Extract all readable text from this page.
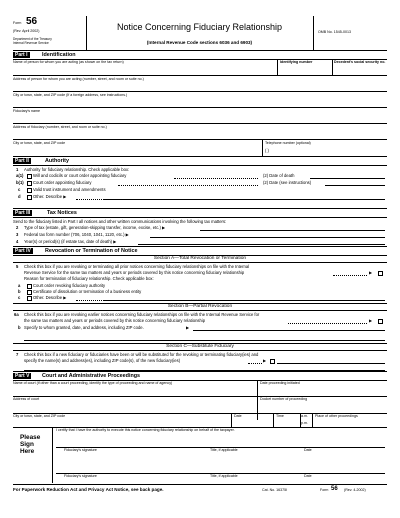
Form 56
(Rev. April 2002)
Department of the Treasury
Internal Revenue Service
Notice Concerning Fiduciary Relationship
(Internal Revenue Code sections 6036 and 6903)
OMB No. 1545-0013
Part I	Identification
Name of person for whom you are acting (as shown on the tax return)	Identifying number	Decedent's social security no.
Address of person for whom you are acting (number, street, and room or suite no.)
City or town, state, and ZIP code (If a foreign address, see instructions.)
Fiduciary's name
Address of fiduciary (number, street, and room or suite no.)
City or town, state, and ZIP code	Telephone number (optional)
( )
Part II	Authority
1 Authority for fiduciary relationship. Check applicable box:
a(1) Will and codicils or court order appointing fiduciary	(2) Date of death
b(1) Court order appointing fiduciary	(2) Date (see instructions)
c	Valid trust instrument and amendments
d	Other. Describe ▶
Part III	Tax Notices
Send to the fiduciary listed in Part I all notices and other written communications involving the following tax matters:
2 Type of tax (estate, gift, generation-skipping transfer, income, excise, etc.) ▶
3 Federal tax form number (706, 1040, 1041, 1120, etc.) ▶
4 Year(s) or period(s) (if estate tax, date of death) ▶
Part IV	Revocation or Termination of Notice
Section A—Total Revocation or Termination
5 Check this box if you are revoking or terminating all prior notices concerning fiduciary relationships on file with the Internal
Revenue Service for the same tax matters and years or periods covered by this notice concerning fiduciary relationship	▶
Reason for termination of fiduciary relationship. Check applicable box:
a	Court order revoking fiduciary authority
b	Certificate of dissolution or termination of a business entity
c	Other. Describe ▶
Section B—Partial Revocation
6a Check this box if you are revoking earlier notices concerning fiduciary relationships on file with the Internal Revenue Service for
the same tax matters and years or periods covered by this notice concerning fiduciary relationship	▶
b Specify to whom granted, date, and address, including ZIP code.	▶
Section C—Substitute Fiduciary
7 Check this box if a new fiduciary or fiduciaries have been or will be substituted for the revoking or terminating fiduciary(ies) and
specify the name(s) and address(es), including ZIP code(s), of the new fiduciary(ies)	▶
Part V	Court and Administrative Proceedings
Name of court (if other than a court proceeding, identify the type of proceeding and name of agency)	Date proceeding initiated
Address of court	Docket number of proceeding
City or town, state, and ZIP code	Date	Time	a.m.
p.m.
Place of other proceedings
Please
Sign
Here
I certify that I have the authority to execute this notice concerning fiduciary relationship on behalf of the taxpayer.
Fiduciary's signature	Title, if applicable	Date
Fiduciary's signature	Title, if applicable	Date
For Paperwork Reduction Act and Privacy Act Notice, see back page.	Cat. No. 16375I	Form 56 (Rev. 4-2002)
